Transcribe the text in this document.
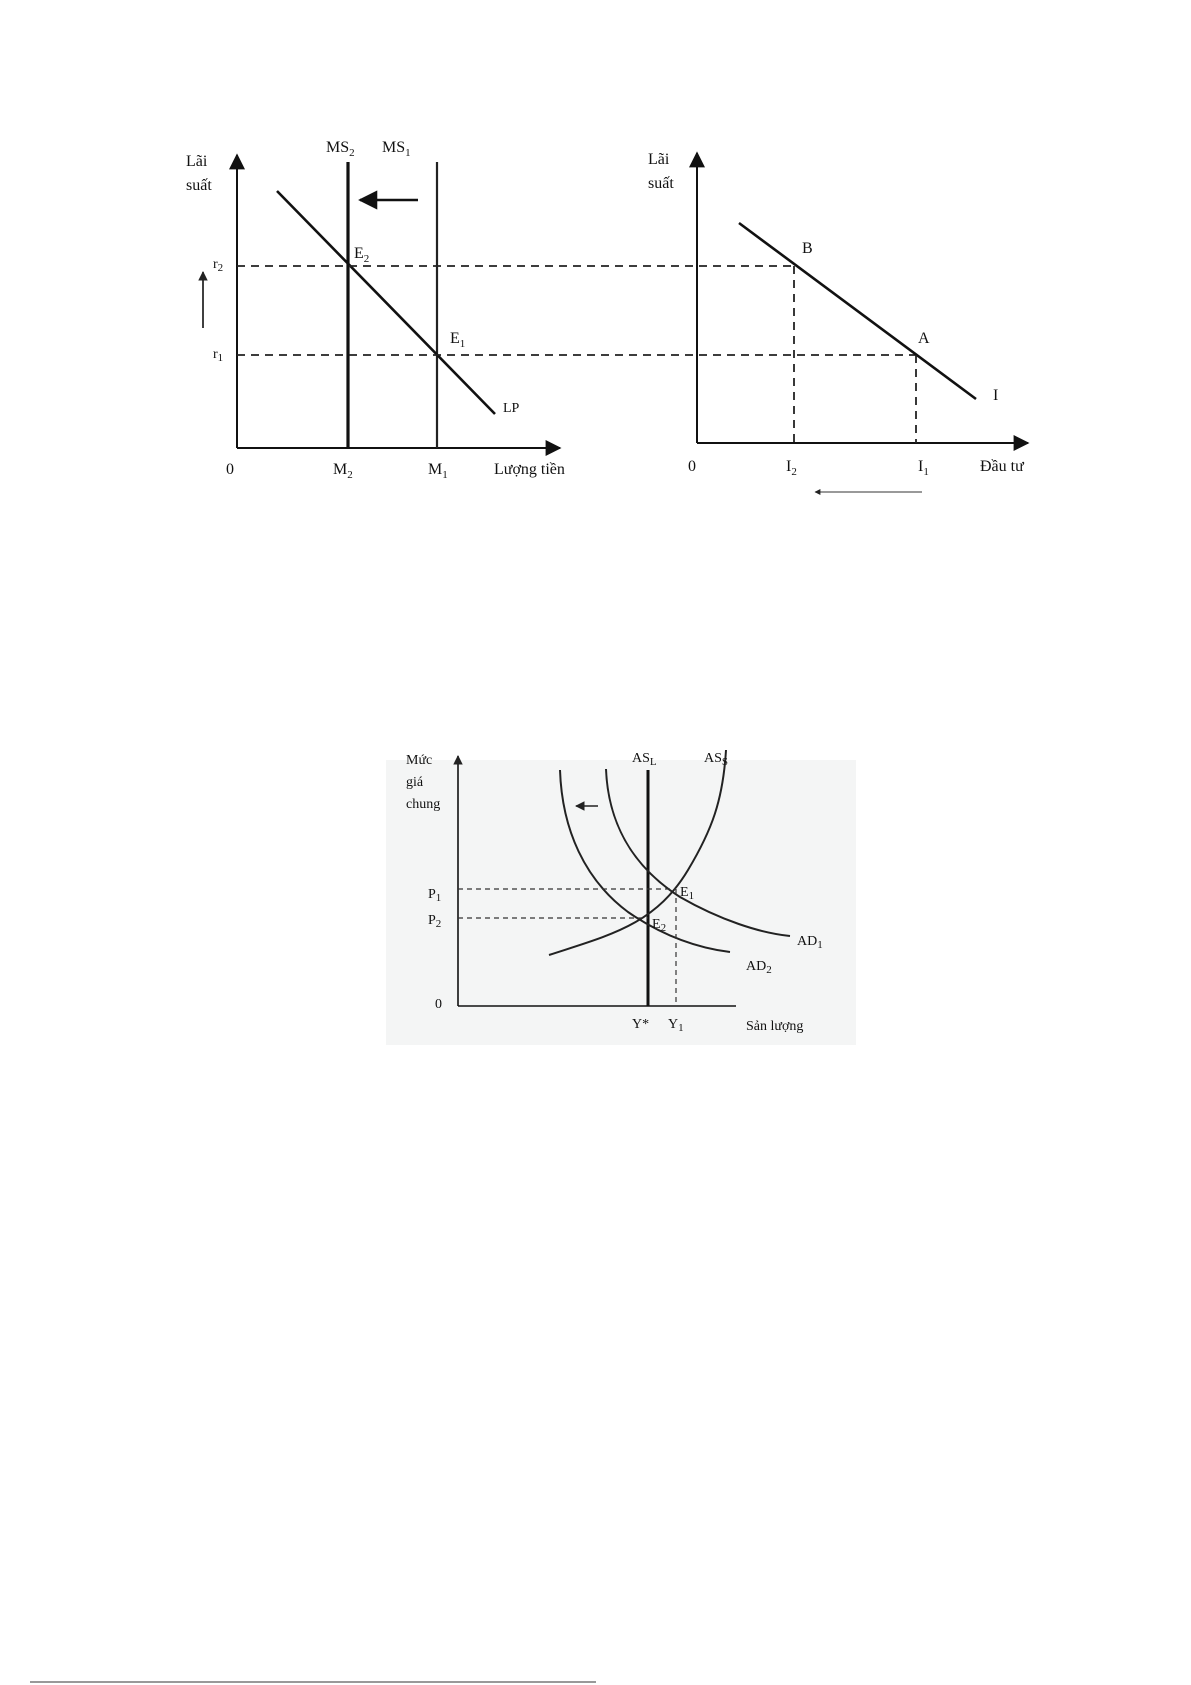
Lãi
suất
0	Lượng tiền
$MS_2$ $MS_1$
LP
$E_2$
$E_1$
$r_2$
$r_1$
$M_2$	$M_1$
Lãi
suất
0	Đầu tư
I
B
A
$I_2$	$I_1$
Mức
giá
chung
0
Sản lượng
$AS_L$	$AS_S$
$AD_1$
$AD_2$
$P_1$
$P_2$
$E_1$
$E_2$
Y* $Y_1$
